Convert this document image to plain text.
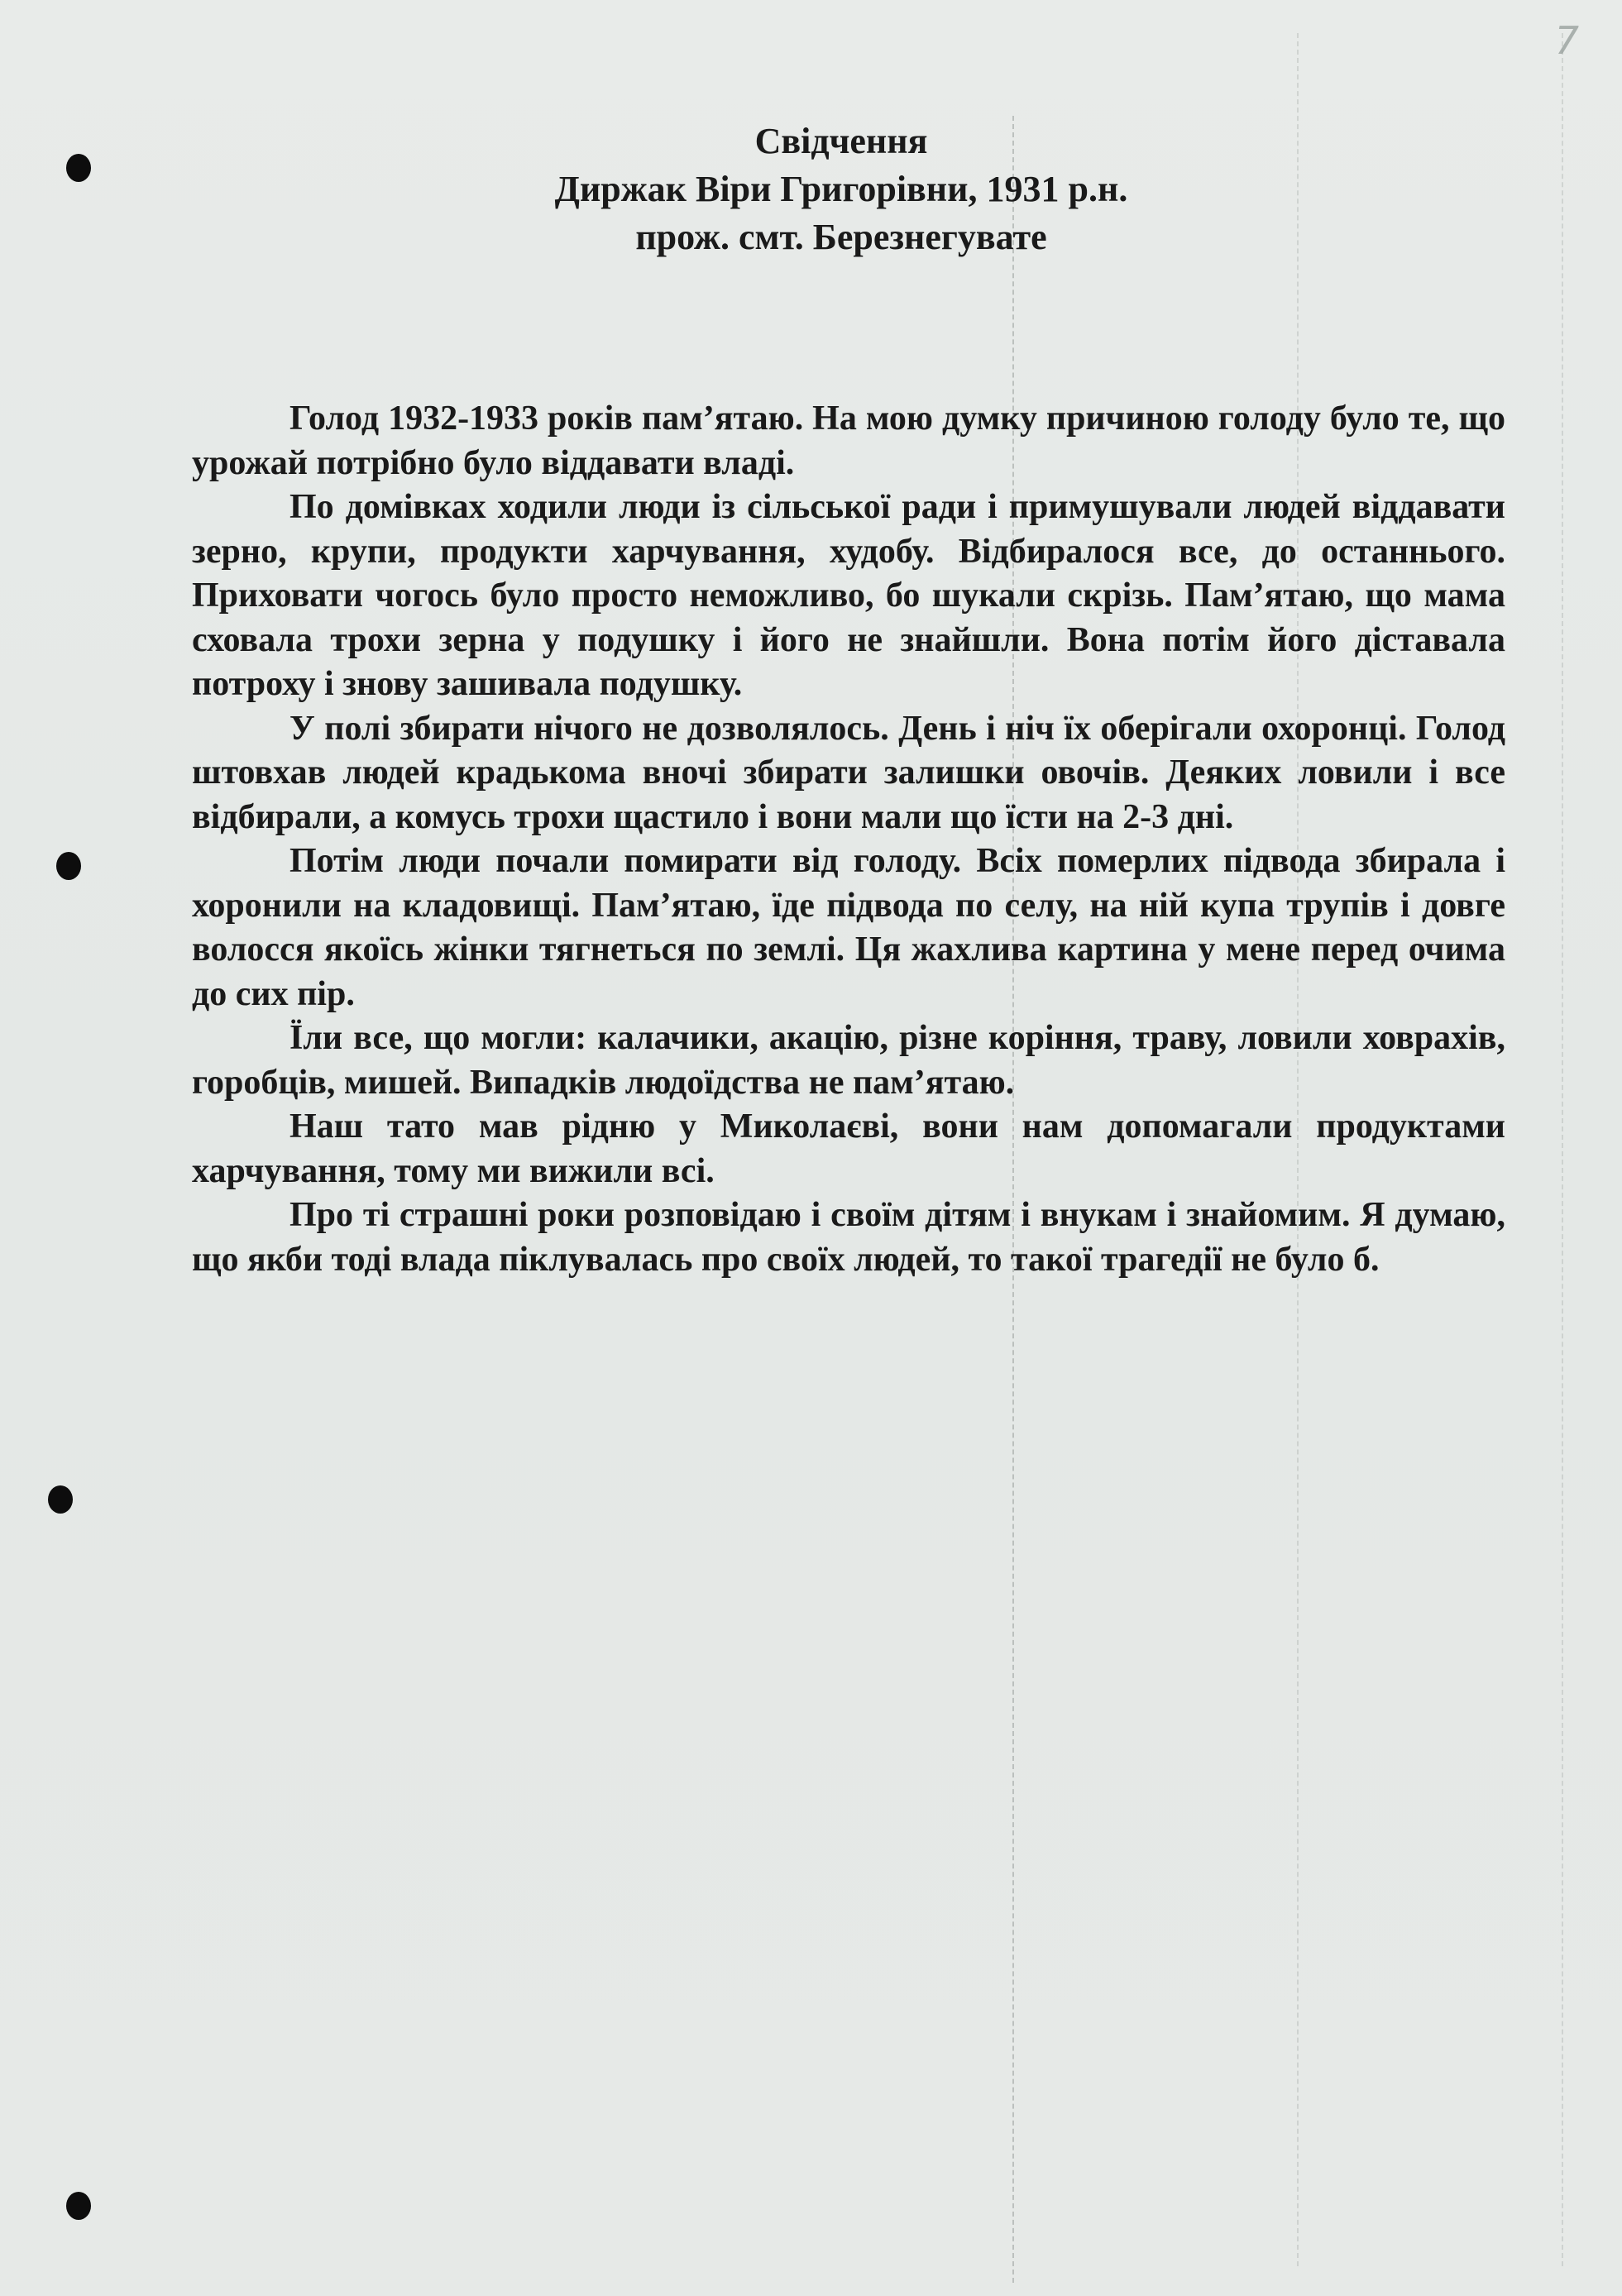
7
Свідчення
Диржак Віри Григорівни, 1931 р.н.
прож. смт. Березнегувате

Голод 1932-1933 років пам’ятаю. На мою думку причиною голоду було те, що урожай потрібно було віддавати владі.

По домівках ходили люди із сільської ради і примушували людей віддавати зерно, крупи, продукти харчування, худобу. Відбиралося все, до останнього. Приховати чогось було просто неможливо, бо шукали скрізь. Пам’ятаю, що мама сховала трохи зерна у подушку і його не знайшли. Вона потім його діставала потроху і знову зашивала подушку.

У полі збирати нічого не дозволялось. День і ніч їх оберігали охоронці. Голод штовхав людей крадькома вночі збирати залишки овочів. Деяких ловили і все відбирали, а комусь трохи щастило і вони мали що їсти на 2-3 дні.

Потім люди почали помирати від голоду. Всіх померлих підвода збирала і хоронили на кладовищі. Пам’ятаю, їде підвода по селу, на ній купа трупів і довге волосся якоїсь жінки тягнеться по землі. Ця жахлива картина у мене перед очима до сих пір.

Їли все, що могли: калачики, акацію, різне коріння, траву, ловили ховрахів, горобців, мишей. Випадків людоїдства не пам’ятаю.

Наш тато мав рідню у Миколаєві, вони нам допомагали продуктами харчування, тому ми вижили всі.

Про ті страшні роки розповідаю і своїм дітям і внукам і знайомим. Я думаю, що якби тоді влада піклувалась про своїх людей, то такої трагедії не було б.
